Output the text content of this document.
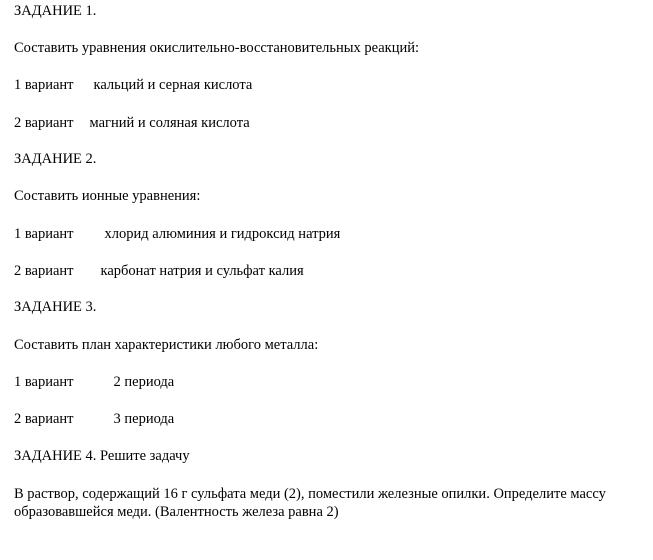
ЗАДАНИЕ 1.
Составить уравнения окислительно-восстановительных реакций:
1 вариант кальций и серная кислота
2 вариант магний и соляная кислота
ЗАДАНИЕ 2.
Составить ионные уравнения:
1 вариант хлорид алюминия и гидроксид натрия
2 вариант карбонат натрия и сульфат калия
ЗАДАНИЕ 3.
Составить план характеристики любого металла:
1 вариант	2 периода
2 вариант	3 периода
ЗАДАНИЕ 4. Решите задачу
В раствор, содержащий 16 г сульфата меди (2), поместили железные опилки. Определите массу образовавшейся меди. (Валентность железа равна 2)
